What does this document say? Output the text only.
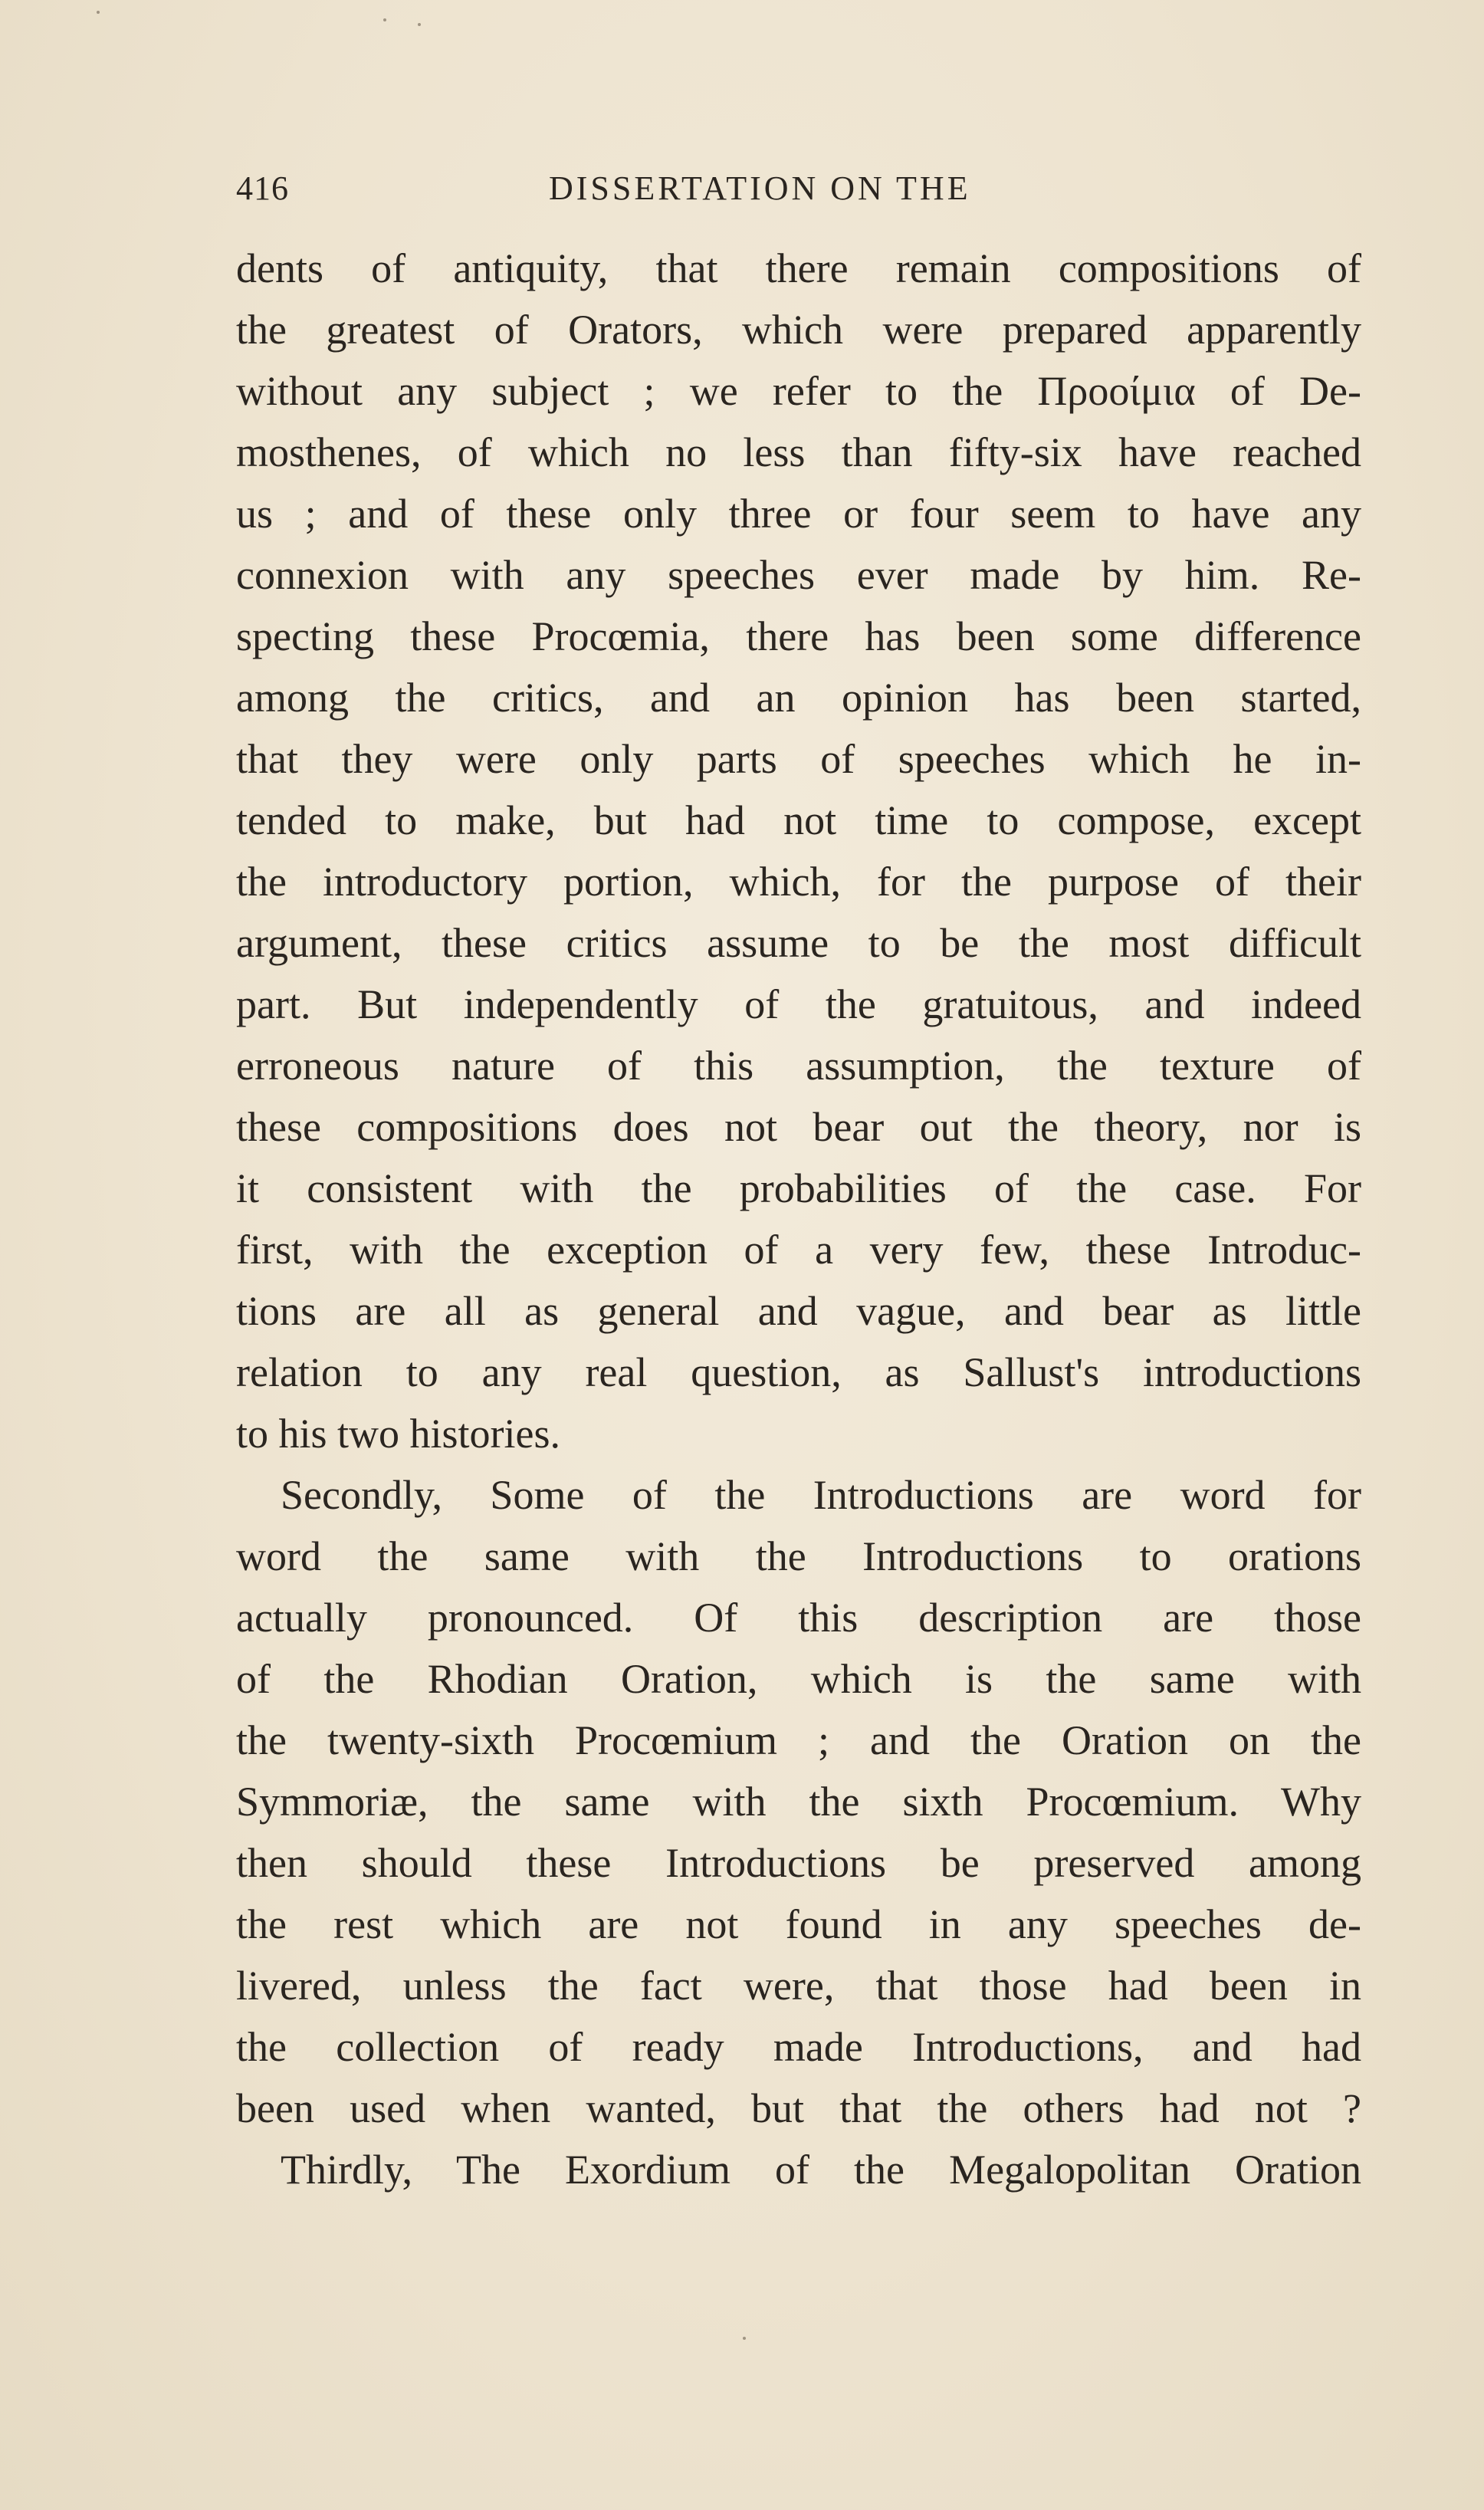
416	DISSERTATION ON THE
dents of antiquity, that there remain compositions of
the greatest of Orators, which were prepared apparently
without any subject ; we refer to the Προοίμια of De-
mosthenes, of which no less than fifty-six have reached
us ; and of these only three or four seem to have any
connexion with any speeches ever made by him. Re-
specting these Procœmia, there has been some difference
among the critics, and an opinion has been started,
that they were only parts of speeches which he in-
tended to make, but had not time to compose, except
the introductory portion, which, for the purpose of their
argument, these critics assume to be the most difficult
part. But independently of the gratuitous, and indeed
erroneous nature of this assumption, the texture of
these compositions does not bear out the theory, nor is
it consistent with the probabilities of the case. For
first, with the exception of a very few, these Introduc-
tions are all as general and vague, and bear as little
relation to any real question, as Sallust's introductions
to his two histories.
Secondly, Some of the Introductions are word for
word the same with the Introductions to orations
actually pronounced. Of this description are those
of the Rhodian Oration, which is the same with
the twenty-sixth Procœmium ; and the Oration on the
Symmoriæ, the same with the sixth Procœmium. Why
then should these Introductions be preserved among
the rest which are not found in any speeches de-
livered, unless the fact were, that those had been in
the collection of ready made Introductions, and had
been used when wanted, but that the others had not ?
Thirdly, The Exordium of the Megalopolitan Oration
